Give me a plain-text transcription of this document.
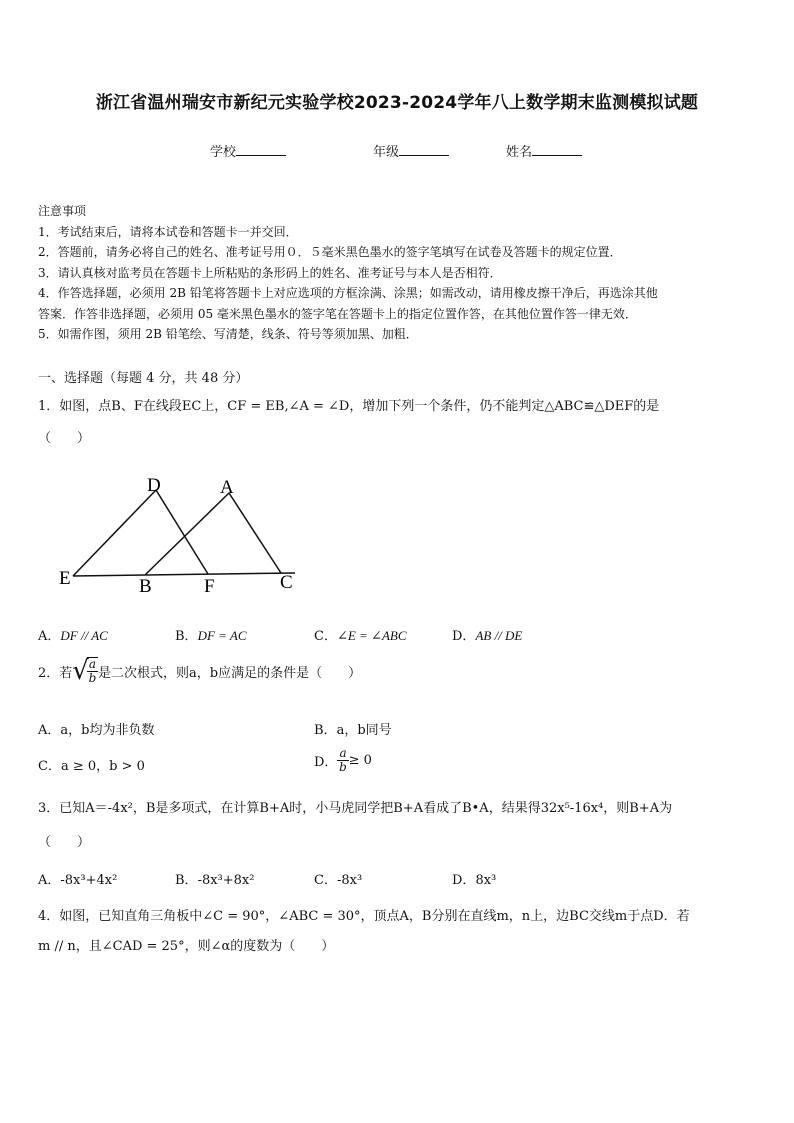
浙江省温州瑞安市新纪元实验学校2023-2024学年八上数学期末监测模拟试题
学校	年级	姓名
注意事项
1．考试结束后，请将本试卷和答题卡一并交回．
2．答题前，请务必将自己的姓名、准考证号用０．５毫米黑色墨水的签字笔填写在试卷及答题卡的规定位置．
3．请认真核对监考员在答题卡上所粘贴的条形码上的姓名、准考证号与本人是否相符．
4．作答选择题，必须用 2B 铅笔将答题卡上对应选项的方框涂满、涂黑；如需改动，请用橡皮擦干净后，再选涂其他
答案．作答非选择题，必须用 05 毫米黑色墨水的签字笔在答题卡上的指定位置作答，在其他位置作答一律无效．
5．如需作图，须用 2B 铅笔绘、写清楚，线条、符号等须加黑、加粗．
一、选择题（每题 4 分，共 48 分）
1．如图，点B、F在线段EC上，CF = EB,∠A = ∠D，增加下列一个条件，仍不能判定△ABC≌△DEF的是
（　　）
D	A
E	B	F	C
A．DF // AC	B．DF = AC	C．∠E = ∠ABC	D．AB // DE
2．若 √
$\frac{a}{b}$ 是二次根式，则a，b应满足的条件是（　　）
A．a，b均为非负数	B．a，b同号
C．a ≥ 0，b > 0	D． $\frac{a}{b} \ge 0$
3．已知A＝-4x²，B是多项式，在计算B+A时，小马虎同学把B+A看成了B•A，结果得32x⁵-16x⁴，则B+A为
（　　）
A．-8x³+4x²	B．-8x³+8x²	C．-8x³	D．8x³
4．如图，已知直角三角板中∠C = 90°，∠ABC = 30°，顶点A，B分别在直线m，n上，边BC交线m于点D．若
m // n，且∠CAD = 25°，则∠α的度数为（　　）
